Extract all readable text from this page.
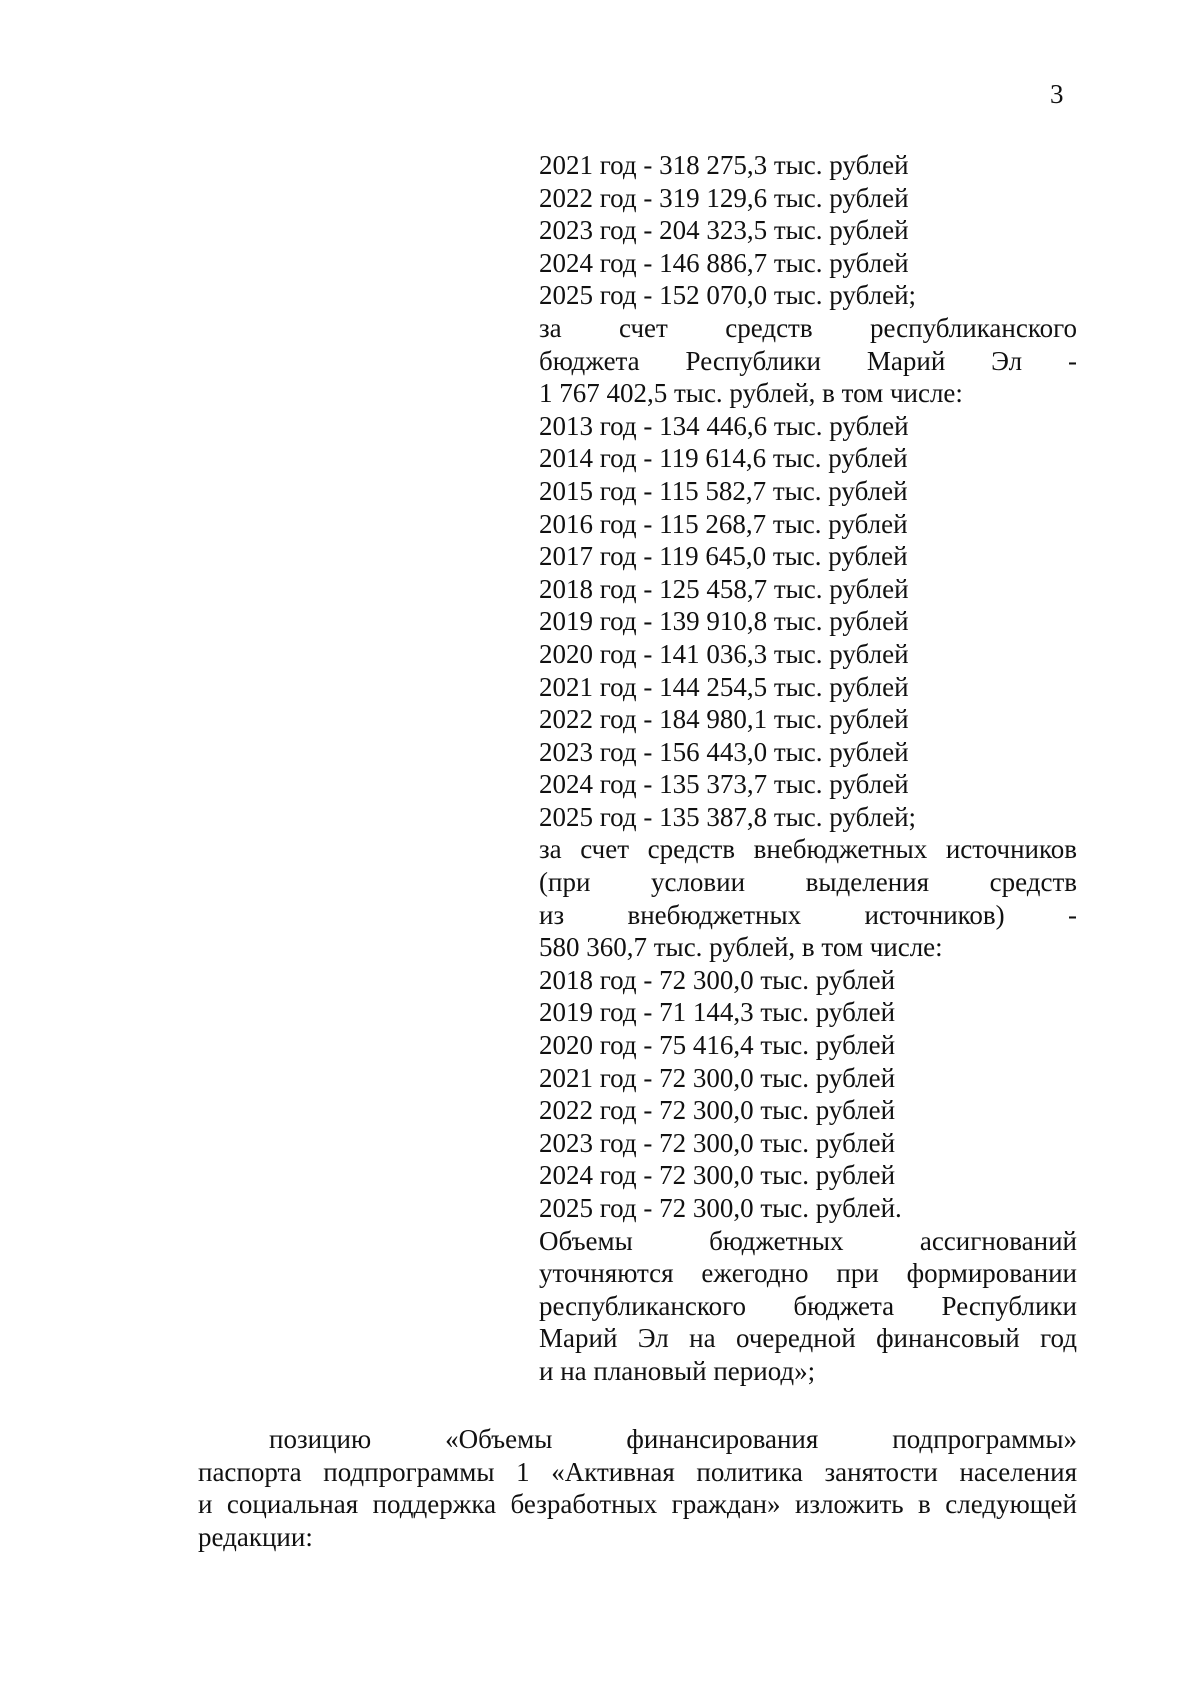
3
2021 год - 318 275,3 тыс. рублей
2022 год - 319 129,6 тыс. рублей
2023 год - 204 323,5 тыс. рублей
2024 год - 146 886,7 тыс. рублей
2025 год - 152 070,0 тыс. рублей;
за счет средств республиканского
бюджета Республики Марий Эл -
1 767 402,5 тыс. рублей, в том числе:
2013 год - 134 446,6 тыс. рублей
2014 год - 119 614,6 тыс. рублей
2015 год - 115 582,7 тыс. рублей
2016 год - 115 268,7 тыс. рублей
2017 год - 119 645,0 тыс. рублей
2018 год - 125 458,7 тыс. рублей
2019 год - 139 910,8 тыс. рублей
2020 год - 141 036,3 тыс. рублей
2021 год - 144 254,5 тыс. рублей
2022 год - 184 980,1 тыс. рублей
2023 год - 156 443,0 тыс. рублей
2024 год - 135 373,7 тыс. рублей
2025 год - 135 387,8 тыс. рублей;
за счет средств внебюджетных источников
(при условии выделения средств
из внебюджетных источников) -
580 360,7 тыс. рублей, в том числе:
2018 год - 72 300,0 тыс. рублей
2019 год - 71 144,3 тыс. рублей
2020 год - 75 416,4 тыс. рублей
2021 год - 72 300,0 тыс. рублей
2022 год - 72 300,0 тыс. рублей
2023 год - 72 300,0 тыс. рублей
2024 год - 72 300,0 тыс. рублей
2025 год - 72 300,0 тыс. рублей.
Объемы бюджетных ассигнований
уточняются ежегодно при формировании
республиканского бюджета Республики
Марий Эл на очередной финансовый год
и на плановый период»;
позицию «Объемы финансирования подпрограммы»
паспорта подпрограммы 1 «Активная политика занятости населения
и социальная поддержка безработных граждан» изложить в следующей
редакции:
